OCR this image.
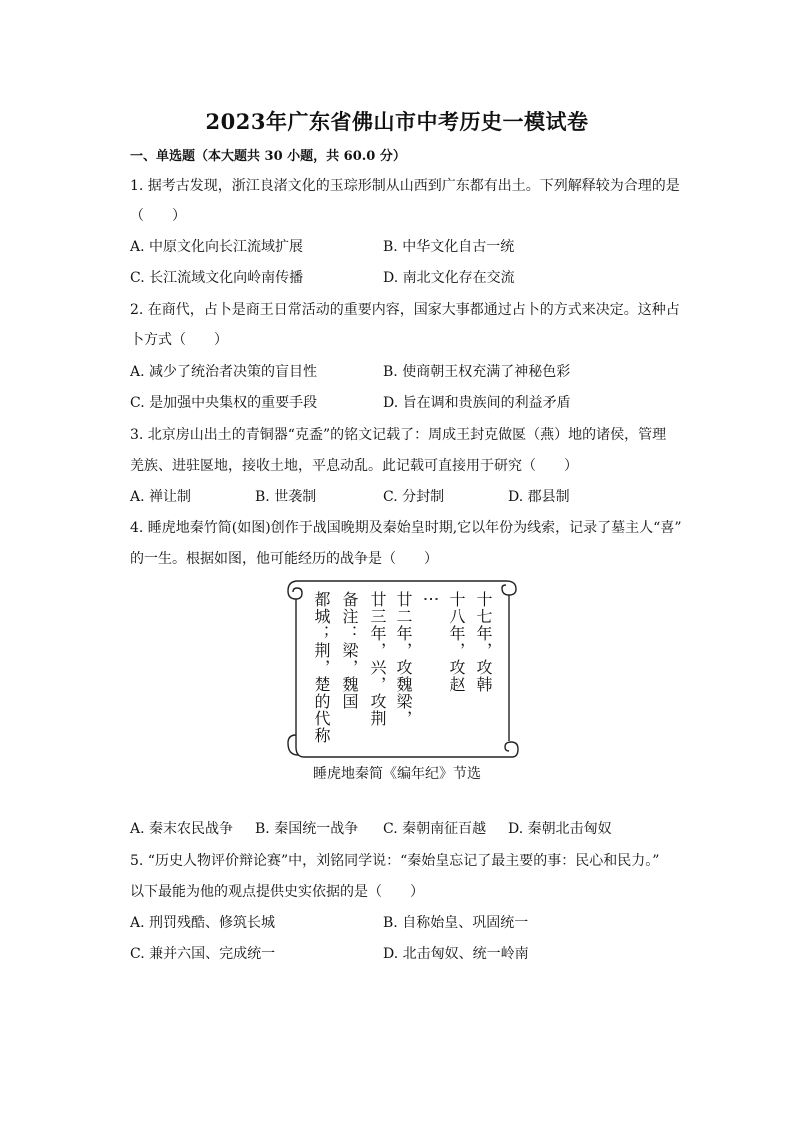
2023年广东省佛山市中考历史一模试卷
一、单选题（本大题共 30 小题，共 60.0 分）
1. 据考古发现，浙江良渚文化的玉琮形制从山西到广东都有出土。下列解释较为合理的是
（　　）
A. 中原文化向长江流域扩展	B. 中华文化自古一统
C. 长江流域文化向岭南传播	D. 南北文化存在交流
2. 在商代，占卜是商王日常活动的重要内容，国家大事都通过占卜的方式来决定。这种占
卜方式（　　）
A. 减少了统治者决策的盲目性	B. 使商朝王权充满了神秘色彩
C. 是加强中央集权的重要手段	D. 旨在调和贵族间的利益矛盾
3. 北京房山出土的青铜器“克盉”的铭文记载了：周成王封克做匽（燕）地的诸侯，管理
羌族、进驻匽地，接收土地，平息动乱。此记载可直接用于研究（　　）
A. 禅让制	B. 世袭制	C. 分封制	D. 郡县制
4. 睡虎地秦竹简(如图)创作于战国晚期及秦始皇时期,它以年份为线索，记录了墓主人“喜”
的一生。根据如图，他可能经历的战争是（　　）
十七年，攻韩
十八年，攻赵
⋮
廿二年，攻魏梁，
廿三年，兴，攻荆
备注：梁，魏国
都城；荆，楚的代称
睡虎地秦简《编年纪》节选
A. 秦末农民战争 B. 秦国统一战争 C. 秦朝南征百越 D. 秦朝北击匈奴
5. “历史人物评价辩论赛”中，刘铭同学说：“秦始皇忘记了最主要的事：民心和民力。”
以下最能为他的观点提供史实依据的是（　　）
A. 刑罚残酷、修筑长城	B. 自称始皇、巩固统一
C. 兼并六国、完成统一	D. 北击匈奴、统一岭南
